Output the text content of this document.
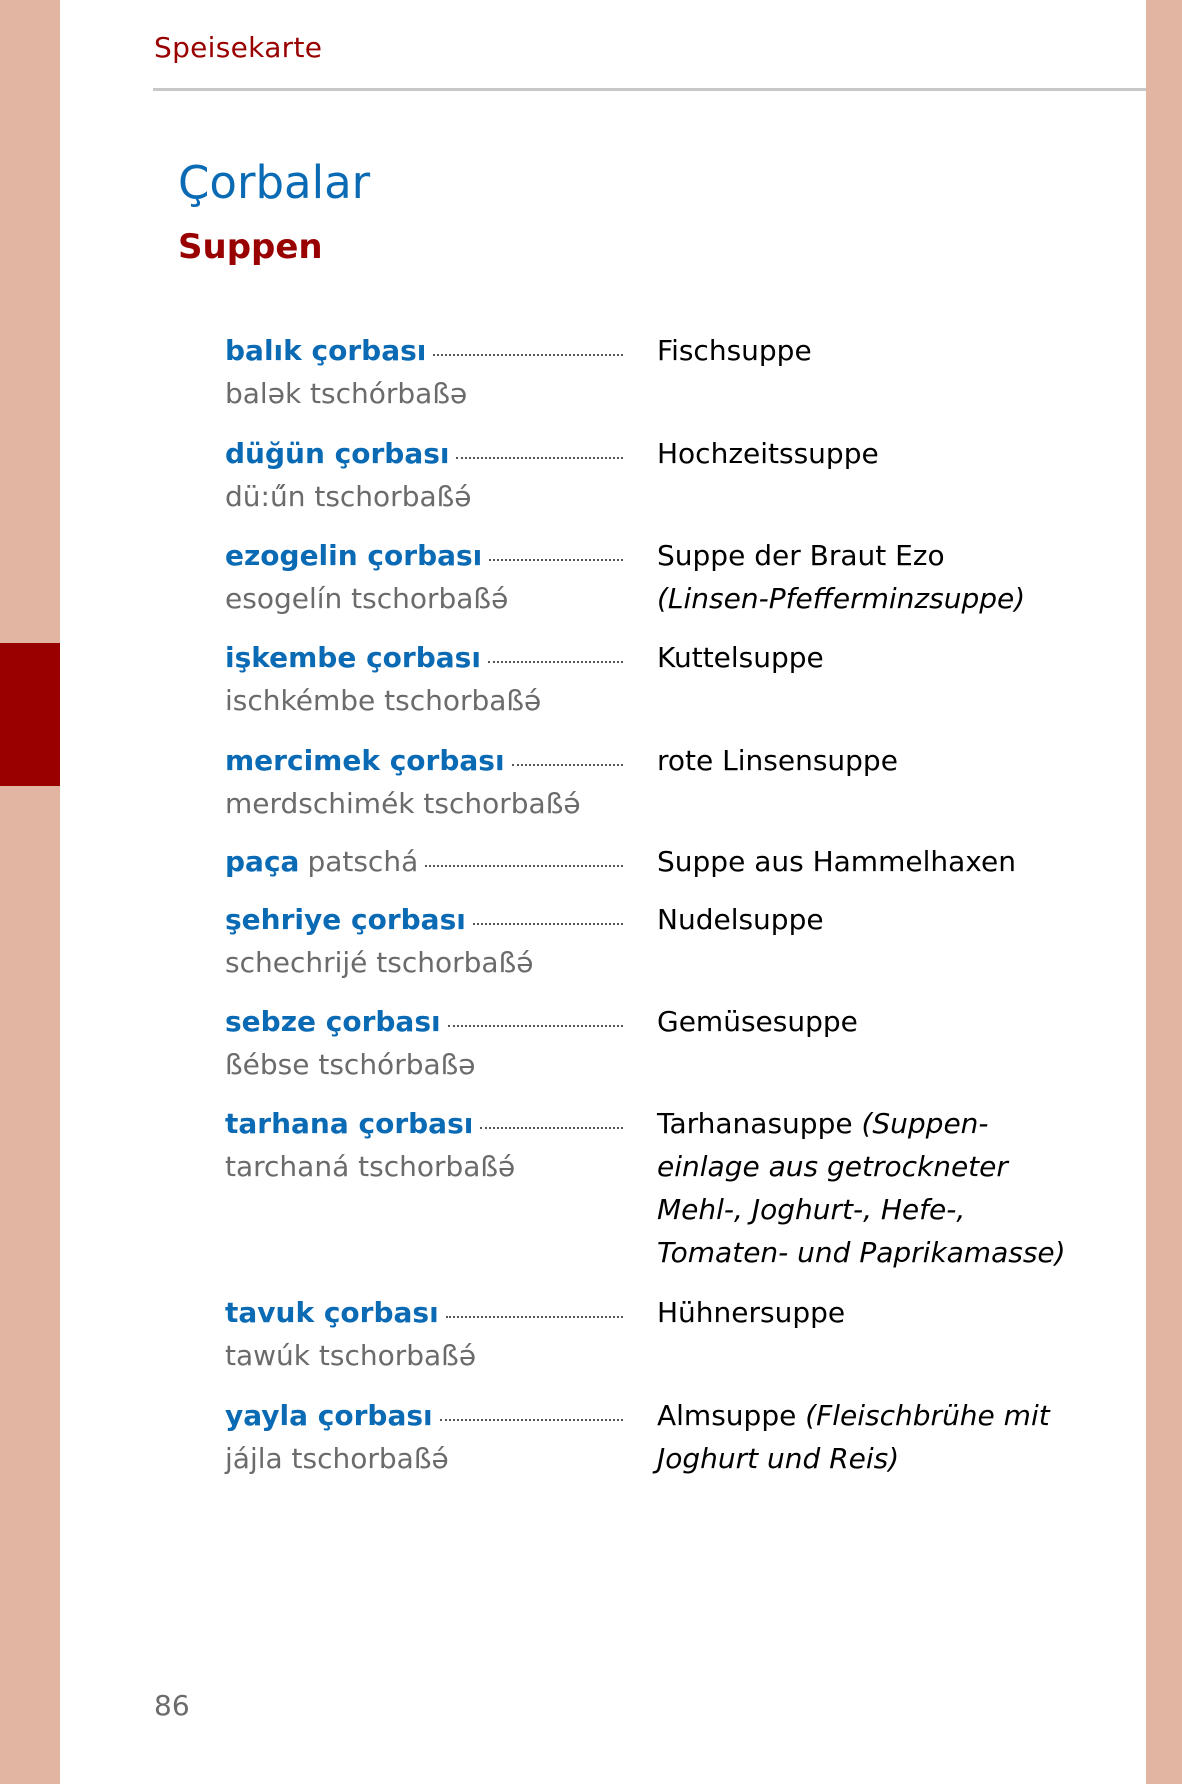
Speisekarte
Çorbalar
Suppen
balık çorbası
balək tschórbaßə
Fischsuppe
düğün çorbası
dü:ű́n tschorbaßə́
Hochzeitssuppe
ezogelin çorbası
esogelín tschorbaßə́
Suppe der Braut Ezo
(Linsen-Pfefferminzsuppe)
işkembe çorbası
ischkémbe tschorbaßə́
Kuttelsuppe
mercimek çorbası
merdschimék tschorbaßə́
rote Linsensuppe
paça patschá	Suppe aus Hammelhaxen
şehriye çorbası
schechrijé tschorbaßə́
Nudelsuppe
sebze çorbası
ßébse tschórbaßə
Gemüsesuppe
tarhana çorbası
tarchaná tschorbaßə́
Tarhanasuppe (Suppen-einlage aus getrockneter Mehl-, Joghurt-, Hefe-, Tomaten- und Paprikamasse)
tavuk çorbası
tawúk tschorbaßə́
Hühnersuppe
yayla çorbası
jájla tschorbaßə́
Almsuppe (Fleischbrühe mit Joghurt und Reis)
86
